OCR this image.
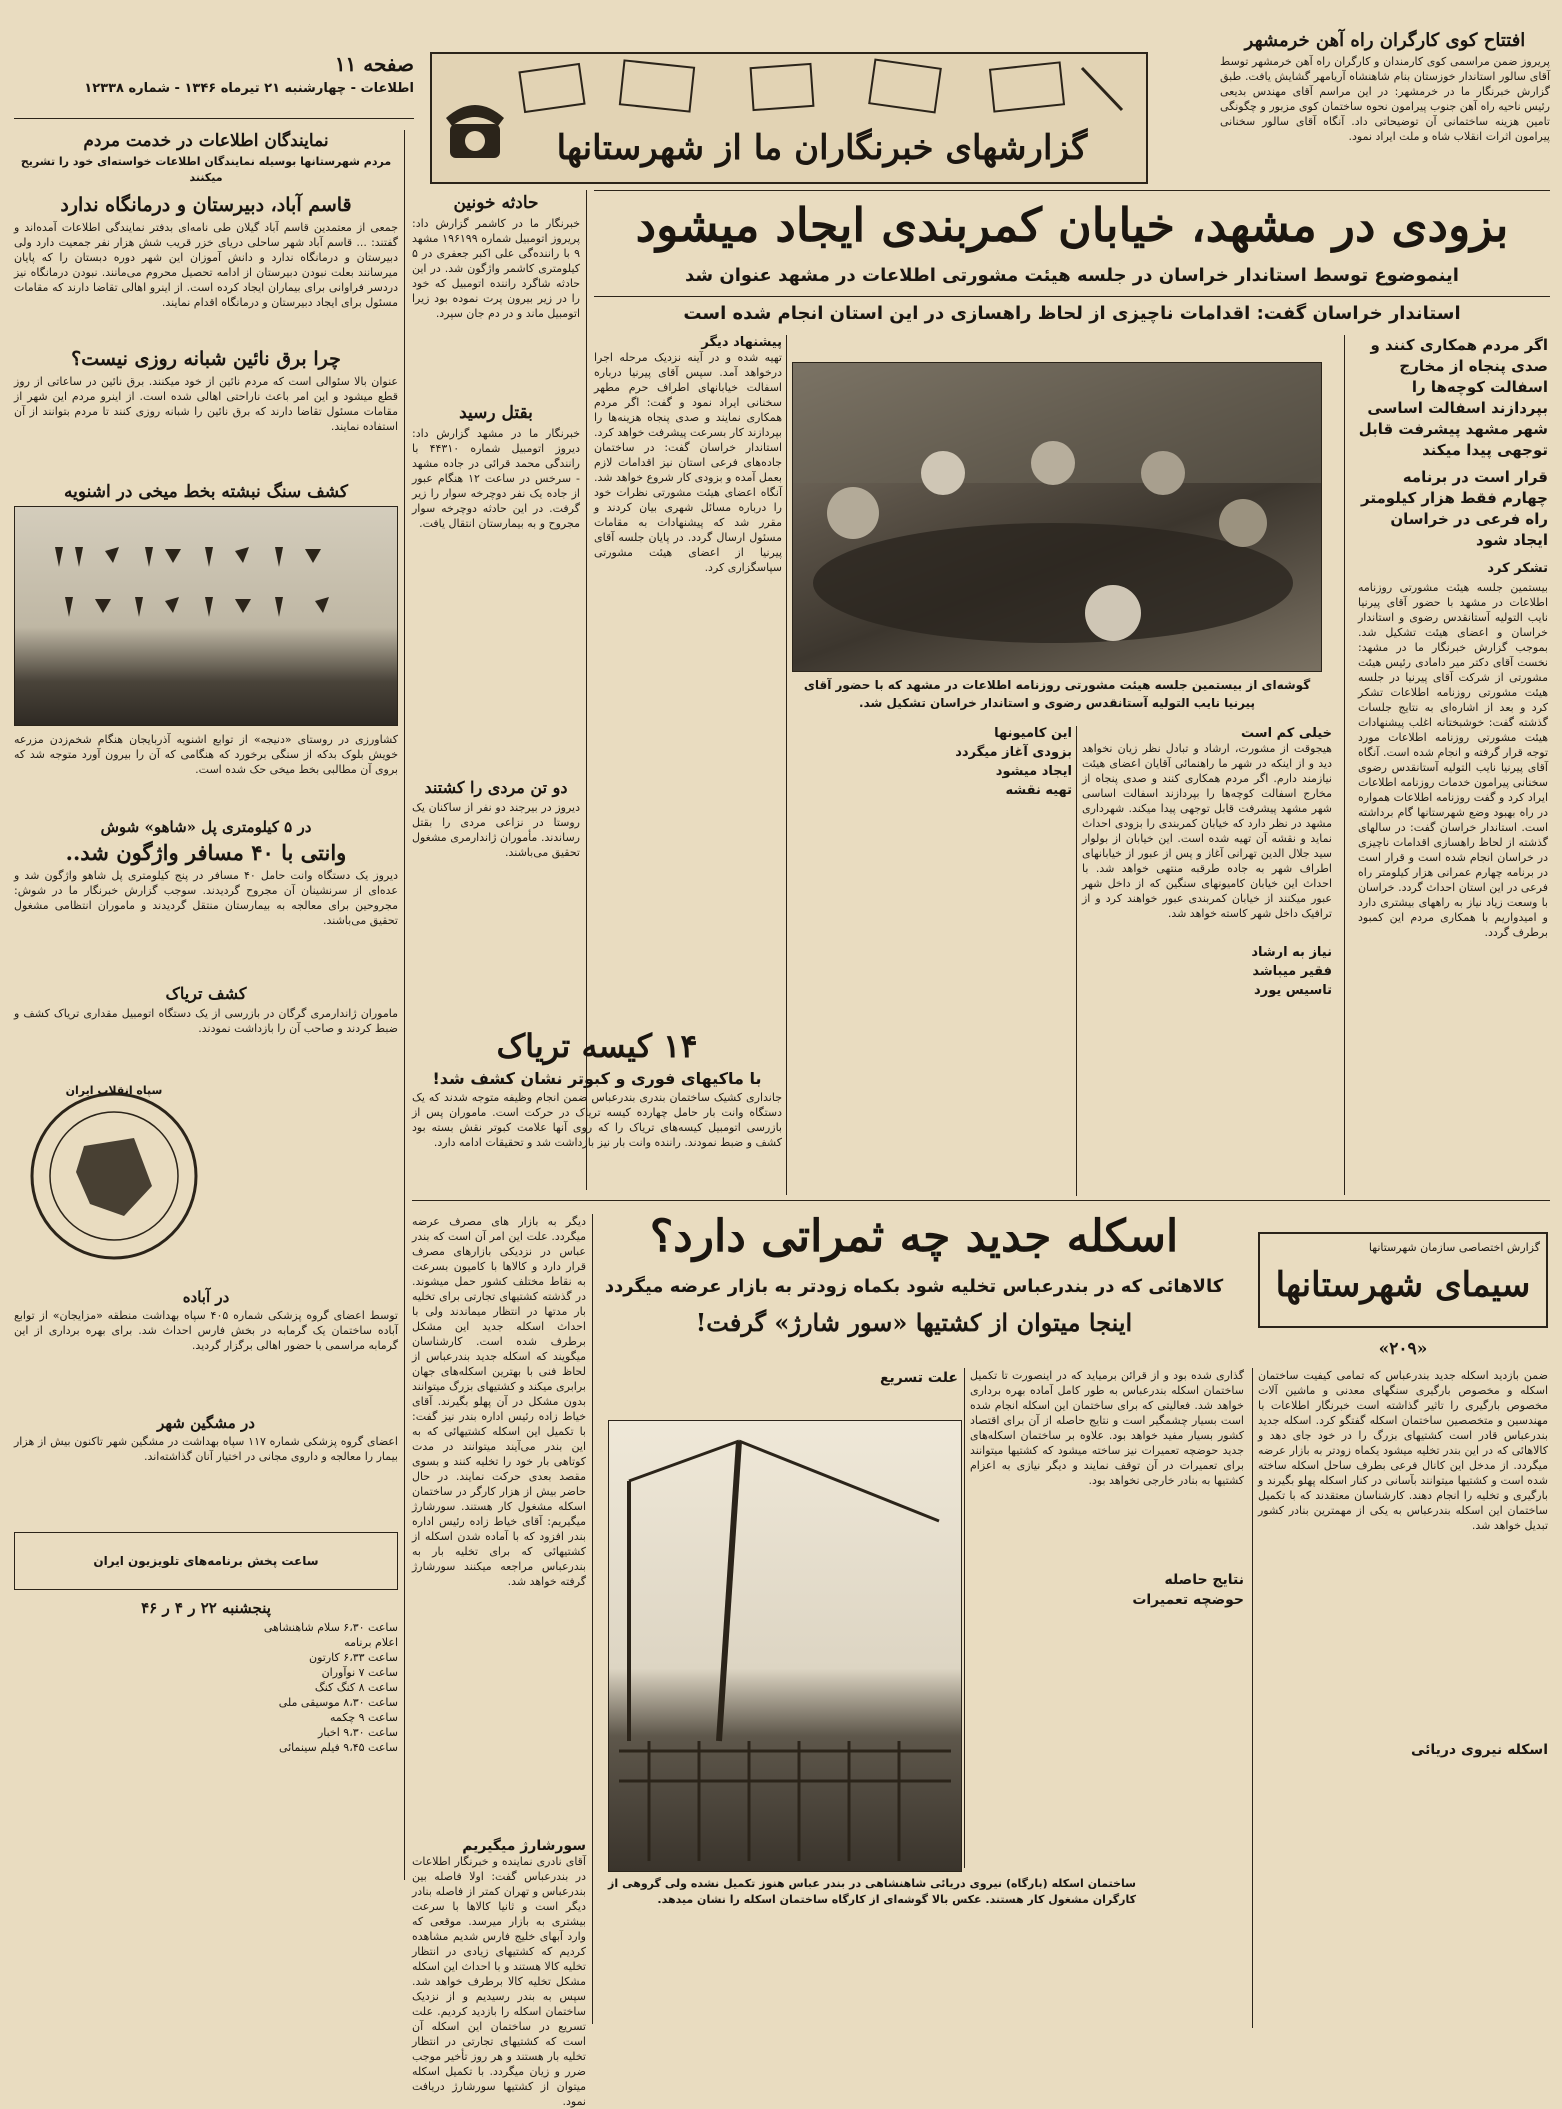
افتتاح کوی کارگران راه آهن خرمشهر
پریروز ضمن مراسمی کوی کارمندان و کارگران راه آهن خرمشهر توسط آقای سالور استاندار خوزستان بنام شاهنشاه آریامهر گشایش یافت. طبق گزارش خبرنگار ما در خرمشهر: در این مراسم آقای مهندس بدیعی رئیس ناحیه راه آهن جنوب پیرامون نحوه ساختمان کوی مزبور و چگونگی تامین هزینه ساختمانی آن توضیحاتی داد. آنگاه آقای سالور سخنانی پیرامون اثرات انقلاب شاه و ملت ایراد نمود.
گزارشهای خبرنگاران ما از شهرستانها
صفحه ۱۱
اطلاعات - چهارشنبه ۲۱ تیرماه ۱۳۴۶ - شماره ۱۲۳۳۸
بزودی در مشهد، خیابان کمربندی ایجاد میشود
اینموضوع توسط استاندار خراسان در جلسه هیئت مشورتی اطلاعات در مشهد عنوان شد
استاندار خراسان گفت: اقدامات ناچیزی از لحاظ راهسازی در این استان انجام شده است
گوشه‌ای از بیستمین جلسه هیئت مشورتی روزنامه اطلاعات در مشهد که با حضور آقای پیرنیا نایب التولیه آستانقدس رضوی و استاندار خراسان تشکیل شد.
اگر مردم همکاری کنند و صدی پنجاه از مخارج اسفالت کوچه‌ها را بپردازند اسفالت اساسی شهر مشهد پیشرفت قابل توجهی پیدا میکند
قرار است در برنامه چهارم فقط هزار کیلومتر راه فرعی در خراسان ایجاد شود
تشکر کرد
بیستمین جلسه هیئت مشورتی روزنامه اطلاعات در مشهد با حضور آقای پیرنیا نایب التولیه آستانقدس رضوی و استاندار خراسان و اعضای هیئت تشکیل شد. بموجب گزارش خبرنگار ما در مشهد: نخست آقای دکتر میر دامادی رئیس هیئت مشورتی از شرکت آقای پیرنیا در جلسه هیئت مشورتی روزنامه اطلاعات تشکر کرد و بعد از اشاره‌ای به نتایج جلسات گذشته گفت: خوشبختانه اغلب پیشنهادات هیئت مشورتی روزنامه اطلاعات مورد توجه قرار گرفته و انجام شده است. آنگاه آقای پیرنیا نایب التولیه آستانقدس رضوی سخنانی پیرامون خدمات روزنامه اطلاعات ایراد کرد و گفت روزنامه اطلاعات همواره در راه بهبود وضع شهرستانها گام برداشته است. استاندار خراسان گفت: در سالهای گذشته از لحاظ راهسازی اقدامات ناچیزی در خراسان انجام شده است و قرار است در برنامه چهارم عمرانی هزار کیلومتر راه فرعی در این استان احداث گردد. خراسان با وسعت زیاد نیاز به راههای بیشتری دارد و امیدواریم با همکاری مردم این کمبود برطرف گردد.
خیلی کم است
هیجوقت از مشورت، ارشاد و تبادل نظر زیان نخواهد دید و از اینکه در شهر ما راهنمائی آقایان اعضای هیئت نیازمند دارم. اگر مردم همکاری کنند و صدی پنجاه از مخارج اسفالت کوچه‌ها را بپردازند اسفالت اساسی شهر مشهد پیشرفت قابل توجهی پیدا میکند. شهرداری مشهد در نظر دارد که خیابان کمربندی را بزودی احداث نماید و نقشه آن تهیه شده است. این خیابان از بولوار سید جلال الدین تهرانی آغاز و پس از عبور از خیابانهای اطراف شهر به جاده طرقبه منتهی خواهد شد. با احداث این خیابان کامیونهای سنگین که از داخل شهر عبور میکنند از خیابان کمربندی عبور خواهند کرد و از ترافیک داخل شهر کاسته خواهد شد.
نیاز به ارشاد
فقیر میباشد
تاسیس یورد
این کامیونها
بزودی آغاز میگردد
ایجاد میشود
تهیه نقشه
پیشنهاد دیگر
تهیه شده و در آینه نزدیک مرحله اجرا درخواهد آمد. سپس آقای پیرنیا درباره اسفالت خیابانهای اطراف حرم مطهر سخنانی ایراد نمود و گفت: اگر مردم همکاری نمایند و صدی پنجاه هزینه‌ها را بپردازند کار بسرعت پیشرفت خواهد کرد. استاندار خراسان گفت: در ساختمان جاده‌های فرعی استان نیز اقدامات لازم بعمل آمده و بزودی کار شروع خواهد شد. آنگاه اعضای هیئت مشورتی نظرات خود را درباره مسائل شهری بیان کردند و مقرر شد که پیشنهادات به مقامات مسئول ارسال گردد. در پایان جلسه آقای پیرنیا از اعضای هیئت مشورتی سپاسگزاری کرد.
حادثه خونین
خبرنگار ما در کاشمر گزارش داد: پریروز اتومبیل شماره ۱۹۶۱۹۹ مشهد ۹ با راننده‌گی علی اکبر جعفری در ۵ کیلومتری کاشمر واژگون شد. در این حادثه شاگرد راننده اتومبیل که خود را در زیر بیرون پرت نموده بود زیرا اتومبیل ماند و در دم جان سپرد.
بقتل رسید
خبرنگار ما در مشهد گزارش داد: دیروز اتومبیل شماره ۴۴۳۱۰ با رانندگی محمد قرائی در جاده مشهد - سرخس در ساعت ۱۲ هنگام عبور از جاده یک نفر دوچرخه سوار را زیر گرفت. در این حادثه دوچرخه سوار مجروح و به بیمارستان انتقال یافت.
دو تن مردی را کشتند
دیروز در بیرجند دو نفر از ساکنان یک روستا در نزاعی مردی را بقتل رساندند. مأموران ژاندارمری مشغول تحقیق می‌باشند.
۱۴ کیسه تریاک
با ماکیهای فوری و کبوتر نشان کشف شد!
جانداری کشیک ساختمان بندری بندرعباس ضمن انجام وظیفه متوجه شدند که یک دستگاه وانت بار حامل چهارده کیسه تریاک در حرکت است. ماموران پس از بازرسی اتومبیل کیسه‌های تریاک را که روی آنها علامت کبوتر نقش بسته بود کشف و ضبط نمودند. راننده وانت بار نیز بازداشت شد و تحقیقات ادامه دارد.
نمایندگان اطلاعات در خدمت مردم
مردم شهرستانها بوسیله نمایندگان اطلاعات خواسته‌ای خود را تشریح میکنند
قاسم آباد، دبیرستان و درمانگاه ندارد
جمعی از معتمدین قاسم آباد گیلان طی نامه‌ای بدفتر نمایندگی اطلاعات آمده‌اند و گفتند: ... قاسم آباد شهر ساحلی دریای خزر قریب شش هزار نفر جمعیت دارد ولی دبیرستان و درمانگاه ندارد و دانش آموزان این شهر دوره دبستان را که پایان میرسانند بعلت نبودن دبیرستان از ادامه تحصیل محروم می‌مانند. نبودن درمانگاه نیز دردسر فراوانی برای بیماران ایجاد کرده است. از اینرو اهالی تقاضا دارند که مقامات مسئول برای ایجاد دبیرستان و درمانگاه اقدام نمایند.
چرا برق نائین شبانه روزی نیست؟
عنوان بالا سئوالی است که مردم نائین از خود میکنند. برق نائین در ساعاتی از روز قطع میشود و این امر باعث ناراحتی اهالی شده است. از اینرو مردم این شهر از مقامات مسئول تقاضا دارند که برق نائین را شبانه روزی کنند تا مردم بتوانند از آن استفاده نمایند.
کشف سنگ نبشته بخط میخی در اشنویه
کشاورزی در روستای «دنیجه» از توابع اشنویه آذربایجان هنگام شخم‌زدن مزرعه خویش بلوک بدکه از سنگی برخورد که هنگامی که آن را بیرون آورد متوجه شد که بروی آن مطالبی بخط میخی حک شده است.
در ۵ کیلومتری پل «شاهو» شوش
وانتی با ۴۰ مسافر واژگون شد..
دیروز یک دستگاه وانت حامل ۴۰ مسافر در پنج کیلومتری پل شاهو واژگون شد و عده‌ای از سرنشینان آن مجروح گردیدند. سوجب گزارش خبرنگار ما در شوش: مجروحین برای معالجه به بیمارستان منتقل گردیدند و ماموران انتظامی مشغول تحقیق می‌باشند.
کشف تریاک
ماموران ژاندارمری گرگان در بازرسی از یک دستگاه اتومبیل مقداری تریاک کشف و ضبط کردند و صاحب آن را بازداشت نمودند.
سپاه انقلاب ایران
در آباده
توسط اعضای گروه پزشکی شماره ۴۰۵ سپاه بهداشت منطقه «مزایجان» از توابع آباده ساختمان یک گرمابه در بخش فارس احداث شد. برای بهره برداری از این گرمابه مراسمی با حضور اهالی برگزار گردید.
در مشگین شهر
اعضای گروه پزشکی شماره ۱۱۷ سپاه بهداشت در مشگین شهر تاکنون بیش از هزار بیمار را معالجه و داروی مجانی در اختیار آنان گذاشته‌اند.
ساعت پخش برنامه‌های تلویزیون ایران
پنجشنبه ۲۲ ر ۴ ر ۴۶
ساعت ۶،۳۰ سلام شاهنشاهی
اعلام برنامه
ساعت ۶،۳۳ کارتون
ساعت ۷ نوآوران
ساعت ۸ کنگ کنگ
ساعت ۸،۳۰ موسیقی ملی
ساعت ۹ چکمه
ساعت ۹،۳۰ اخبار
ساعت ۹،۴۵ فیلم سینمائی
اسکله جدید چه ثمراتی دارد؟
کالاهائی که در بندرعباس تخلیه شود بکماه زودتر به بازار عرضه میگردد
اینجا میتوان از کشتیها «سور شارژ» گرفت!
گزارش اختصاصی سازمان شهرستانها
سیمای شهرستانها
«۲۰۹»
ساختمان اسکله (بارگاه) نیروی دریائی شاهنشاهی در بندر عباس هنوز تکمیل نشده ولی گروهی از کارگران مشغول کار هستند. عکس بالا گوشه‌ای از کارگاه ساختمان اسکله را نشان میدهد.
ضمن بازدید اسکله جدید بندرعباس که تمامی کیفیت ساختمان اسکله و مخصوص بارگیری سنگهای معدنی و ماشین آلات مخصوص بارگیری را تاثیر گذاشته است خبرنگار اطلاعات با مهندسین و متخصصین ساختمان اسکله گفتگو کرد. اسکله جدید بندرعباس قادر است کشتیهای بزرگ را در خود جای دهد و کالاهائی که در این بندر تخلیه میشود یکماه زودتر به بازار عرضه میگردد. از مدخل این کانال فرعی بطرف ساحل اسکله ساخته شده است و کشتیها میتوانند بآسانی در کنار اسکله پهلو بگیرند و بارگیری و تخلیه را انجام دهند. کارشناسان معتقدند که با تکمیل ساختمان این اسکله بندرعباس به یکی از مهمترین بنادر کشور تبدیل خواهد شد.
اسکله نیروی دریائی
گذاری شده بود و از قرائن برمیاید که در اینصورت تا تکمیل ساختمان اسکله بندرعباس به طور کامل آماده بهره برداری خواهد شد. فعالیتی که برای ساختمان این اسکله انجام شده است بسیار چشمگیر است و نتایج حاصله از آن برای اقتصاد کشور بسیار مفید خواهد بود. علاوه بر ساختمان اسکله‌های جدید حوضچه تعمیرات نیز ساخته میشود که کشتیها میتوانند برای تعمیرات در آن توقف نمایند و دیگر نیازی به اعزام کشتیها به بنادر خارجی نخواهد بود.
نتایج حاصله
حوضچه تعمیرات
علت تسریع
دیگر به بازار های مصرف عرضه میگردد. علت این امر آن است که بندر عباس در نزدیکی بازارهای مصرف قرار دارد و کالاها با کامیون بسرعت به نقاط مختلف کشور حمل میشوند. در گذشته کشتیهای تجارتی برای تخلیه بار مدتها در انتظار میماندند ولی با احداث اسکله جدید این مشکل برطرف شده است. کارشناسان میگویند که اسکله جدید بندرعباس از لحاظ فنی با بهترین اسکله‌های جهان برابری میکند و کشتیهای بزرگ میتوانند بدون مشکل در آن پهلو بگیرند. آقای خیاط زاده رئیس اداره بندر نیز گفت: با تکمیل این اسکله کشتیهائی که به این بندر می‌آیند میتوانند در مدت کوتاهی بار خود را تخلیه کنند و بسوی مقصد بعدی حرکت نمایند. در حال حاضر بیش از هزار کارگر در ساختمان اسکله مشغول کار هستند. سورشارژ میگیریم: آقای خیاط زاده رئیس اداره بندر افزود که با آماده شدن اسکله از کشتیهائی که برای تخلیه بار به بندرعباس مراجعه میکنند سورشارژ گرفته خواهد شد.
سورشارژ میگیریم
آقای نادری نماینده و خبرنگار اطلاعات در بندرعباس گفت: اولا فاصله بین بندرعباس و تهران کمتر از فاصله بنادر دیگر است و ثانیا کالاها با سرعت بیشتری به بازار میرسد. موقعی که وارد آبهای خلیج فارس شدیم مشاهده کردیم که کشتیهای زیادی در انتظار تخلیه کالا هستند و با احداث این اسکله مشکل تخلیه کالا برطرف خواهد شد. سپس به بندر رسیدیم و از نزدیک ساختمان اسکله را بازدید کردیم. علت تسریع در ساختمان این اسکله آن است که کشتیهای تجارتی در انتظار تخلیه بار هستند و هر روز تأخیر موجب ضرر و زیان میگردد. با تکمیل اسکله میتوان از کشتیها سورشارژ دریافت نمود.
